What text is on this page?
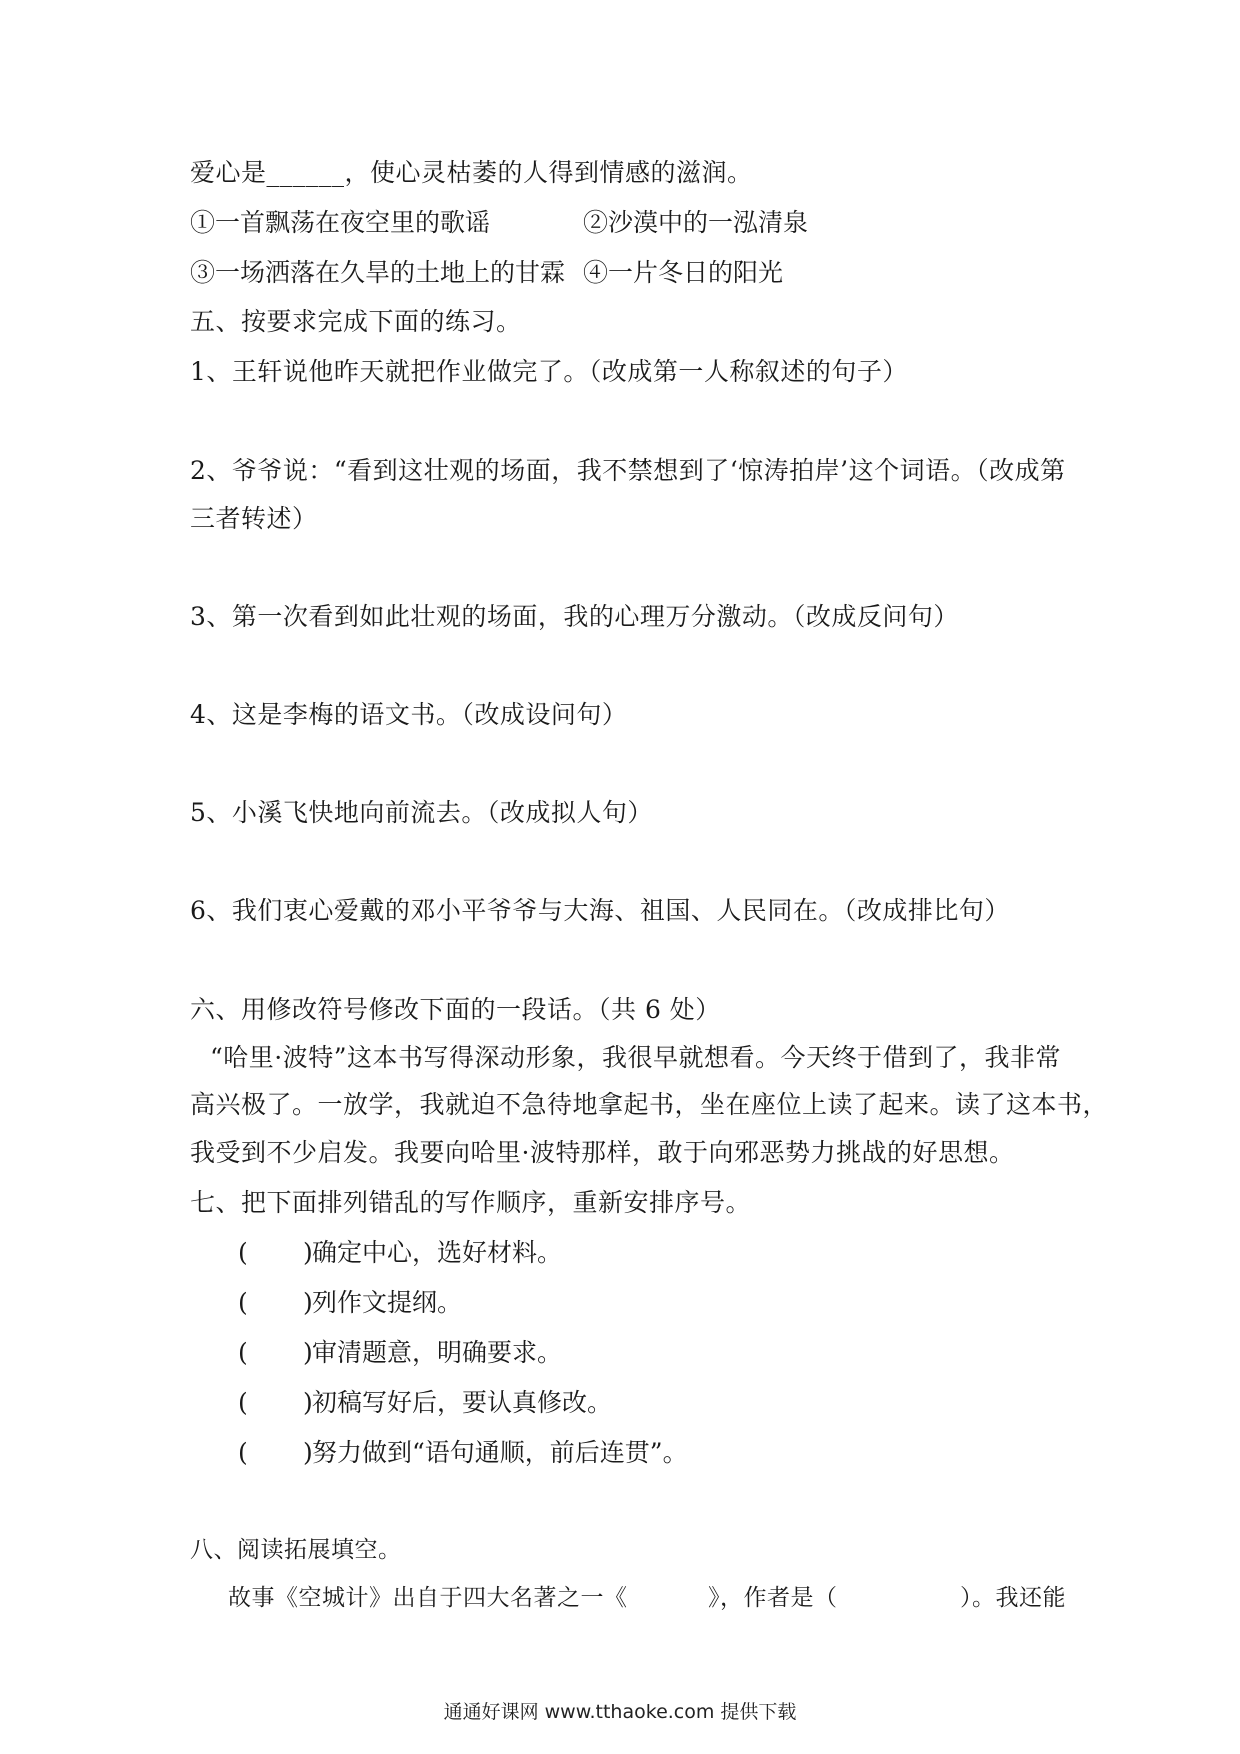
爱心是______，使心灵枯萎的人得到情感的滋润。
①一首飘荡在夜空里的歌谣	②沙漠中的一泓清泉
③一场洒落在久旱的土地上的甘霖 ④一片冬日的阳光
五、按要求完成下面的练习。
1、王轩说他昨天就把作业做完了。（改成第一人称叙述的句子）
2、爷爷说：“看到这壮观的场面，我不禁想到了‘惊涛拍岸’这个词语。（改成第
三者转述）
3、第一次看到如此壮观的场面，我的心理万分激动。（改成反问句）
4、这是李梅的语文书。（改成设问句）
5、小溪飞快地向前流去。（改成拟人句）
6、我们衷心爱戴的邓小平爷爷与大海、祖国、人民同在。（改成排比句）
六、用修改符号修改下面的一段话。（共 6 处）
“哈里·波特”这本书写得深动形象，我很早就想看。今天终于借到了，我非常
高兴极了。一放学，我就迫不急待地拿起书，坐在座位上读了起来。读了这本书，
我受到不少启发。我要向哈里·波特那样，敢于向邪恶势力挑战的好思想。
七、把下面排列错乱的写作顺序，重新安排序号。
( ) 确定中心，选好材料。
( ) 列作文提纲。
( ) 审清题意，明确要求。
( ) 初稿写好后，要认真修改。
( ) 努力做到“语句通顺，前后连贯”。
八、阅读拓展填空。
故事《空城计》出自于四大名著之一《	》，作者是（	）。我还能
通通好课网 www.tthaoke.com 提供下载
